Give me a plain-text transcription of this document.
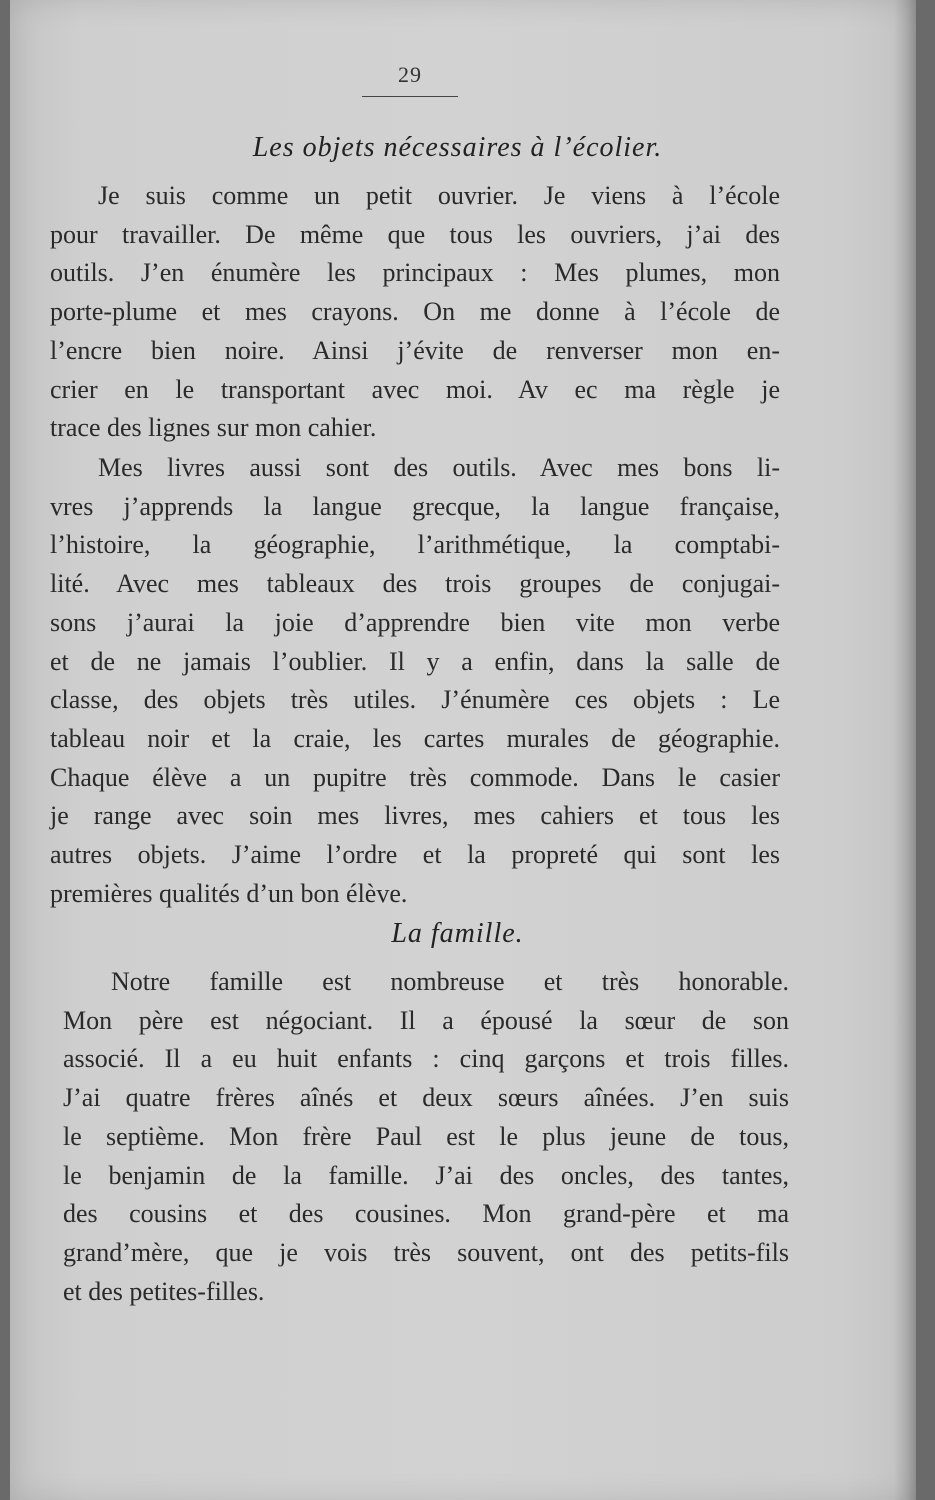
29
Les objets nécessaires à l’écolier.

Je suis comme un petit ouvrier. Je viens à l’école
pour travailler. De même que tous les ouvriers, j’ai des
outils. J’en énumère les principaux : Mes plumes, mon
porte-plume et mes crayons. On me donne à l’école de
l’encre bien noire. Ainsi j’évite de renverser mon en-
crier en le transportant avec moi. Av ec ma règle je
trace des lignes sur mon cahier.

Mes livres aussi sont des outils. Avec mes bons li-
vres j’apprends la langue grecque, la langue française,
l’histoire, la géographie, l’arithmétique, la comptabi-
lité. Avec mes tableaux des trois groupes de conjugai-
sons j’aurai la joie d’apprendre bien vite mon verbe
et de ne jamais l’oublier. Il y a enfin, dans la salle de
classe, des objets très utiles. J’énumère ces objets : Le
tableau noir et la craie, les cartes murales de géographie.
Chaque élève a un pupitre très commode. Dans le casier
je range avec soin mes livres, mes cahiers et tous les
autres objets. J’aime l’ordre et la propreté qui sont les
premières qualités d’un bon élève.

La famille.

Notre famille est nombreuse et très honorable.
Mon père est négociant. Il a épousé la sœur de son
associé. Il a eu huit enfants : cinq garçons et trois filles.
J’ai quatre frères aînés et deux sœurs aînées. J’en suis
le septième. Mon frère Paul est le plus jeune de tous,
le benjamin de la famille. J’ai des oncles, des tantes,
des cousins et des cousines. Mon grand-père et ma
grand’mère, que je vois très souvent, ont des petits-fils
et des petites-filles.
